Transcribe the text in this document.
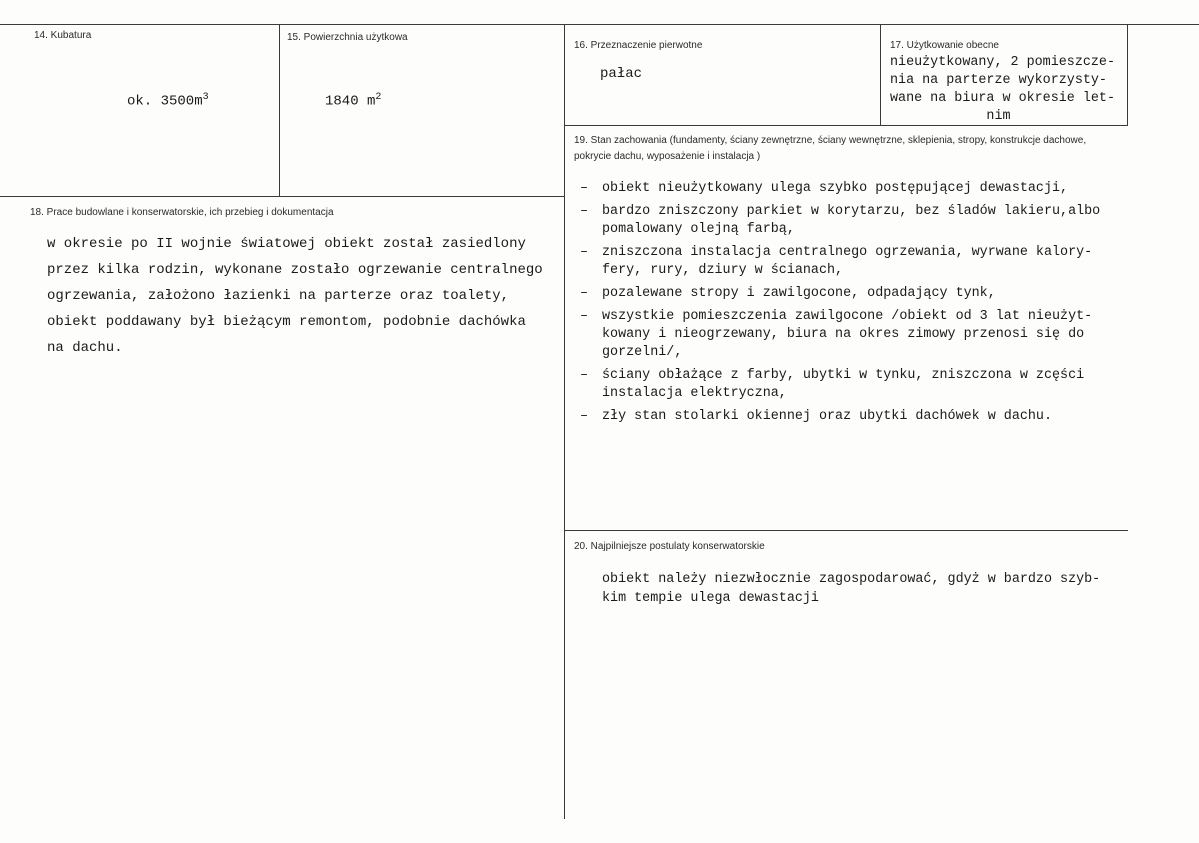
14. Kubatura
ok. $3500m^3$
15. Powierzchnia użytkowa
1840 $m^2$
16. Przeznaczenie pierwotne
pałac
17. Użytkowanie obecne
nieużytkowany, 2 pomieszcze-
nia na parterze wykorzysty-
wane na biura w okresie let-
nim
18. Prace budowlane i konserwatorskie, ich przebieg i dokumentacja
w okresie po II wojnie światowej obiekt został zasiedlony
przez kilka rodzin, wykonane zostało ogrzewanie centralnego
ogrzewania, założono łazienki na parterze oraz toalety,
obiekt poddawany był bieżącym remontom, podobnie dachówka
na dachu.
19. Stan zachowania (fundamenty, ściany zewnętrzne, ściany wewnętrzne, sklepienia, stropy, konstrukcje dachowe, pokrycie dachu, wyposażenie i instalacja )
– obiekt nieużytkowany ulega szybko postępującej dewastacji,
– bardzo zniszczony parkiet w korytarzu, bez śladów lakieru,albo
pomalowany olejną farbą,
– zniszczona instalacja centralnego ogrzewania, wyrwane kalory-
fery, rury, dziury w ścianach,
– pozalewane stropy i zawilgocone, odpadający tynk,
– wszystkie pomieszczenia zawilgocone /obiekt od 3 lat nieużyt-
kowany i nieogrzewany, biura na okres zimowy przenosi się do
gorzelni/,
– ściany obłażące z farby, ubytki w tynku, zniszczona w zcęści
instalacja elektryczna,
– zły stan stolarki okiennej oraz ubytki dachówek w dachu.
20. Najpilniejsze postulaty konserwatorskie
obiekt należy niezwłocznie zagospodarować, gdyż w bardzo szyb-
kim tempie ulega dewastacji
